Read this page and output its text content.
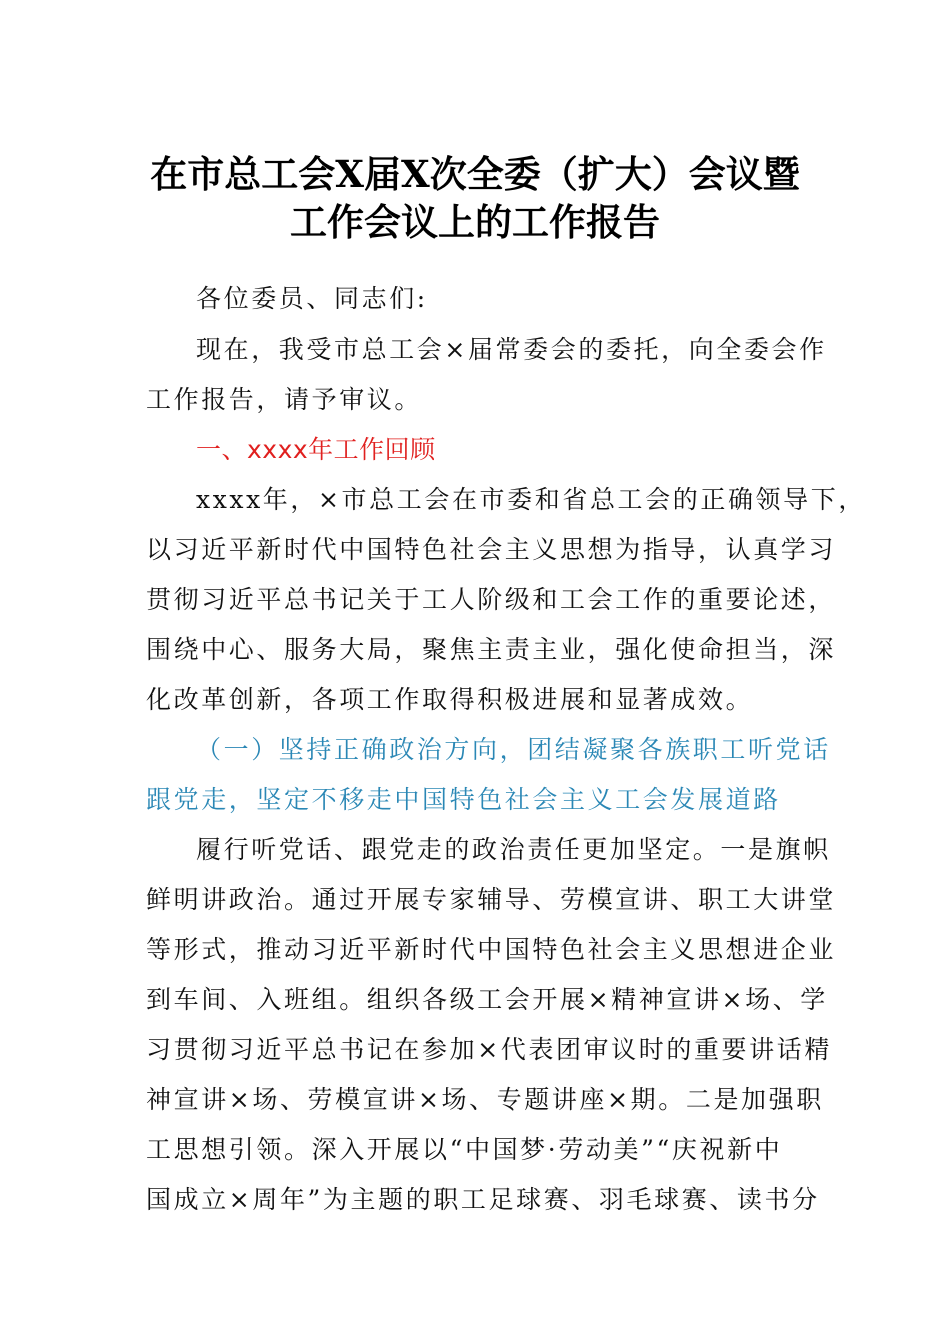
在市总工会X届X次全委（扩大）会议暨
工作会议上的工作报告
各位委员、同志们:
现在，我受市总工会×届常委会的委托，向全委会作
工作报告，请予审议。
一、xxxx年工作回顾
xxxx年，×市总工会在市委和省总工会的正确领导下，
以习近平新时代中国特色社会主义思想为指导，认真学习
贯彻习近平总书记关于工人阶级和工会工作的重要论述，
围绕中心、服务大局，聚焦主责主业，强化使命担当，深
化改革创新，各项工作取得积极进展和显著成效。
（一）坚持正确政治方向，团结凝聚各族职工听党话
跟党走，坚定不移走中国特色社会主义工会发展道路
履行听党话、跟党走的政治责任更加坚定。一是旗帜
鲜明讲政治。通过开展专家辅导、劳模宣讲、职工大讲堂
等形式，推动习近平新时代中国特色社会主义思想进企业
到车间、入班组。组织各级工会开展×精神宣讲×场、学
习贯彻习近平总书记在参加×代表团审议时的重要讲话精
神宣讲×场、劳模宣讲×场、专题讲座×期。二是加强职
工思想引领。深入开展以“中国梦·劳动美”“庆祝新中
国成立×周年”为主题的职工足球赛、羽毛球赛、读书分
